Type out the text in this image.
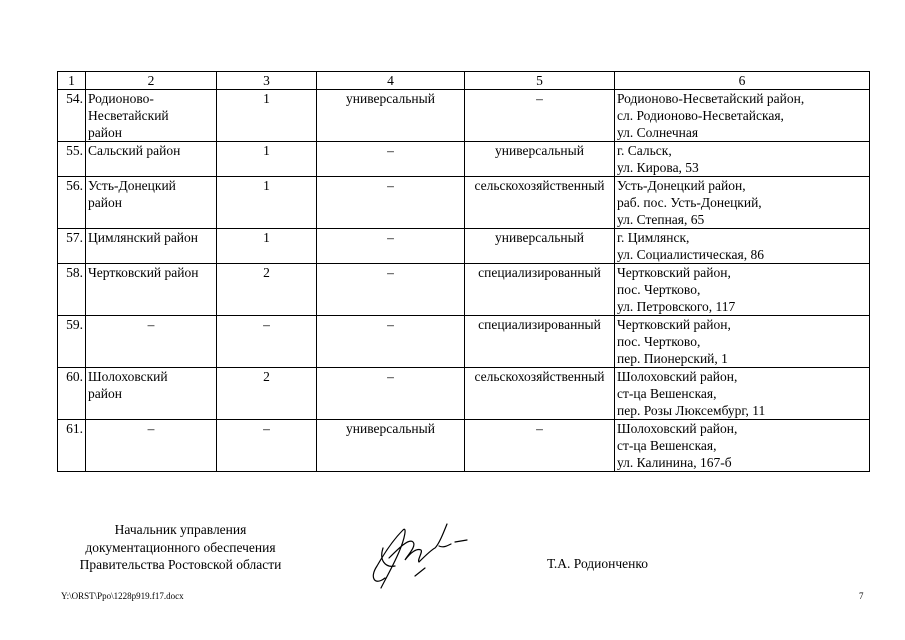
1	2	3	4	5	6
54.	Родионово-
Несветайский
район	1	универсальный	–	Родионово-Несветайский район,
сл. Родионово-Несветайская,
ул. Солнечная

55.	Сальский район	1	–	универсальный	г. Сальск,
ул. Кирова, 53

56.	Усть-Донецкий
район	1	–	сельскохозяйственный	Усть-Донецкий район,
раб. пос. Усть-Донецкий,
ул. Степная, 65

57.	Цимлянский район	1	–	универсальный	г. Цимлянск,
ул. Социалистическая, 86

58.	Чертковский район	2	–	специализированный	Чертковский район,
пос. Чертково,
ул. Петровского, 117

59.	–	–	–	специализированный	Чертковский район,
пос. Чертково,
пер. Пионерский, 1

60.	Шолоховский
район	2	–	сельскохозяйственный	Шолоховский район,
ст-ца Вешенская,
пер. Розы Люксембург, 11

61.	–	–	универсальный	–	Шолоховский район,
ст-ца Вешенская,
ул. Калинина, 167-б
Начальник управления
документационного обеспечения
Правительства Ростовской области	Т.А. Родионченко
Y:\ORST\Ppo\1228p919.f17.docx	7
